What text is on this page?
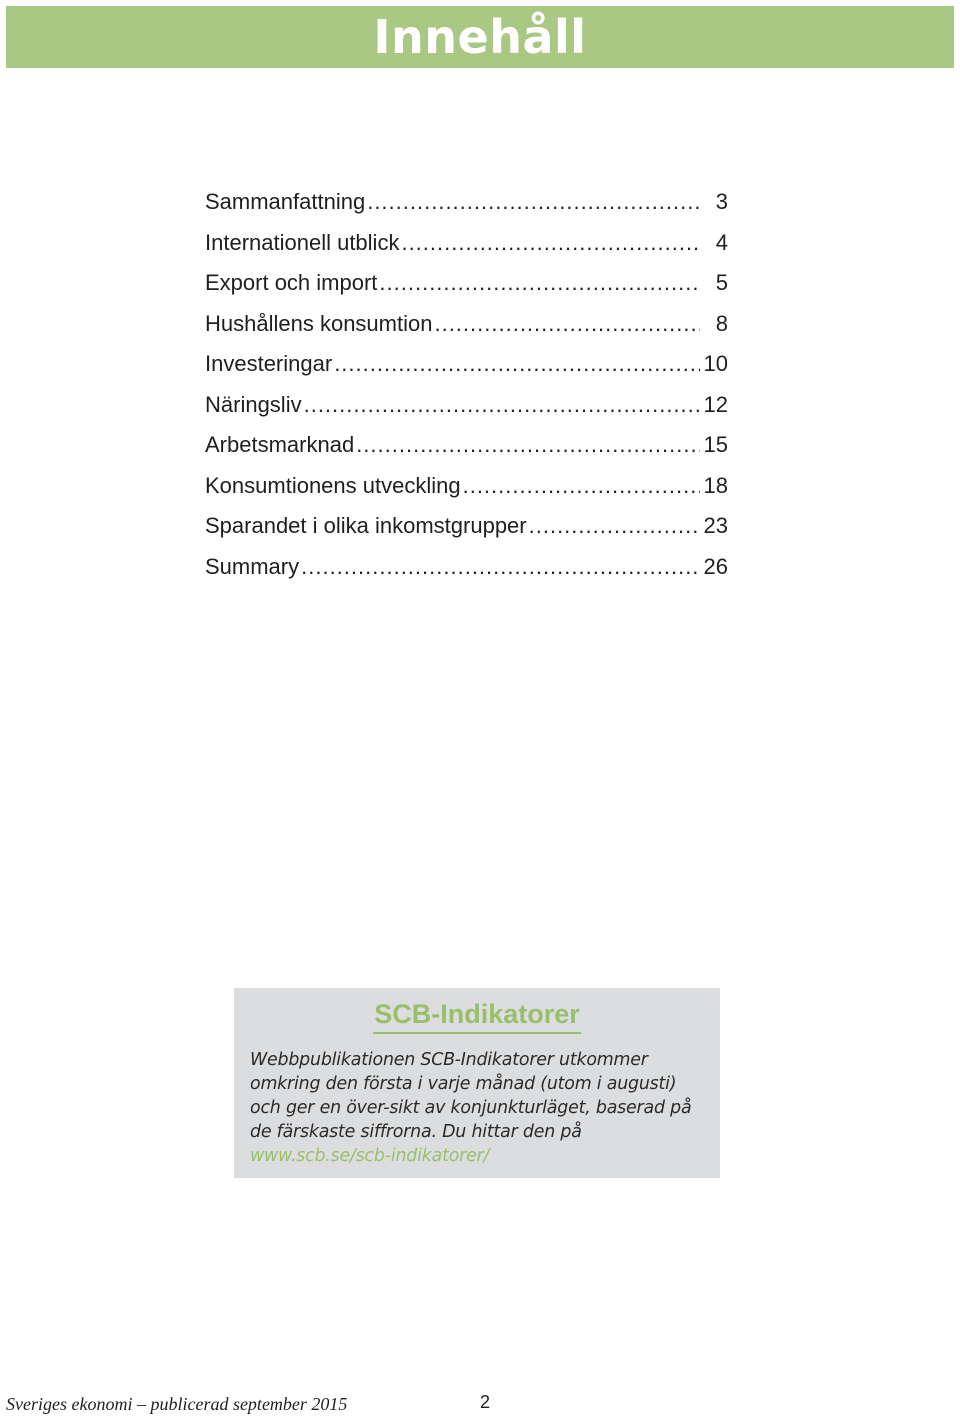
Innehåll
Sammanfattning .....	3
Internationell utblick .....	4
Export och import .....	5
Hushållens konsumtion .....	8
Investeringar .....	10
Näringsliv .....	12
Arbetsmarknad .....	15
Konsumtionens utveckling .....	18
Sparandet i olika inkomstgrupper .....	23
Summary .....	26
SCB-Indikatorer
Webbpublikationen SCB-Indikatorer utkommer omkring den första i varje månad (utom i augusti) och ger en över-sikt av konjunkturläget, baserad på de färskaste siffrorna. Du hittar den på www.scb.se/scb-indikatorer/
Sveriges ekonomi – publicerad september 2015	2
